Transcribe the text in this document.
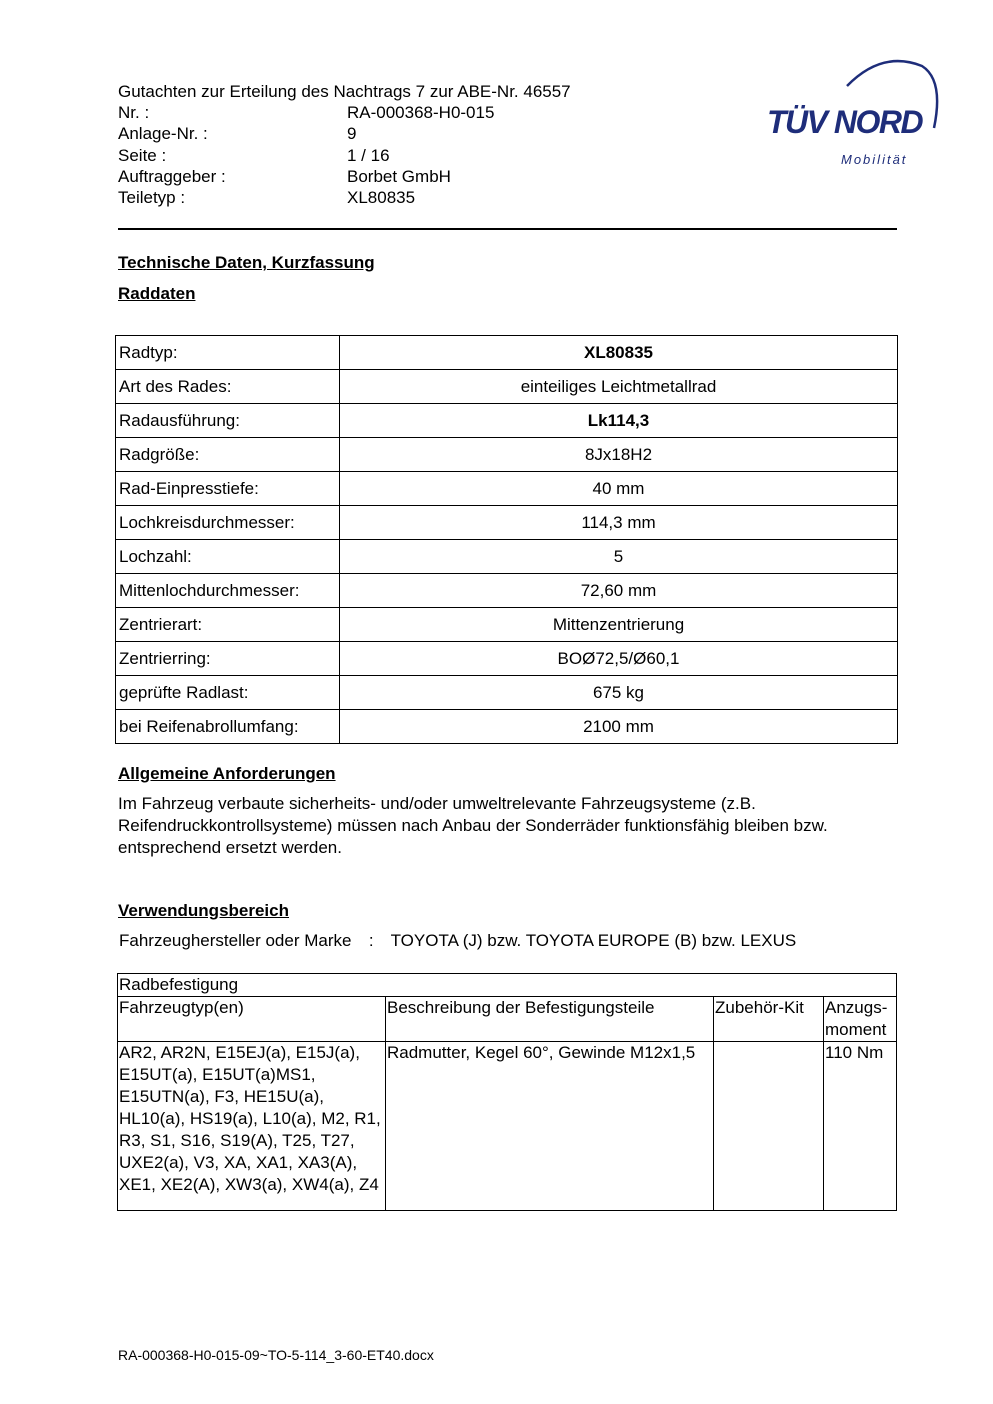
Gutachten zur Erteilung des Nachtrags 7 zur ABE-Nr. 46557
Nr. :	RA-000368-H0-015
Anlage-Nr. :	9
Seite :	1 / 16
Auftraggeber :	Borbet GmbH
Teiletyp :	XL80835
TÜV NORD
Mobilität
Technische Daten, Kurzfassung
Raddaten
Radtyp:	XL80835
Art des Rades:	einteiliges Leichtmetallrad
Radausführung:	Lk114,3
Radgröße:	8Jx18H2
Rad-Einpresstiefe:	40 mm
Lochkreisdurchmesser:	114,3 mm
Lochzahl:	5
Mittenlochdurchmesser:	72,60 mm
Zentrierart:	Mittenzentrierung
Zentrierring:	BOØ72,5/Ø60,1
geprüfte Radlast:	675 kg
bei Reifenabrollumfang:	2100 mm
Allgemeine Anforderungen
Im Fahrzeug verbaute sicherheits- und/oder umweltrelevante Fahrzeugsysteme (z.B. Reifendruckkontrollsysteme) müssen nach Anbau der Sonderräder funktionsfähig bleiben bzw. entsprechend ersetzt werden.
Verwendungsbereich
Fahrzeughersteller oder Marke : TOYOTA (J) bzw. TOYOTA EUROPE (B) bzw. LEXUS
Radbefestigung			
Fahrzeugtyp(en)	Beschreibung der Befestigungsteile	Zubehör-Kit	Anzugs-moment
AR2, AR2N, E15EJ(a), E15J(a), E15UT(a), E15UT(a)MS1, E15UTN(a), F3, HE15U(a), HL10(a), HS19(a), L10(a), M2, R1, R3, S1, S16, S19(A), T25, T27, UXE2(a), V3, XA, XA1, XA3(A), XE1, XE2(A), XW3(a), XW4(a), Z4	Radmutter, Kegel 60°, Gewinde M12x1,5		110 Nm
RA-000368-H0-015-09~TO-5-114_3-60-ET40.docx
